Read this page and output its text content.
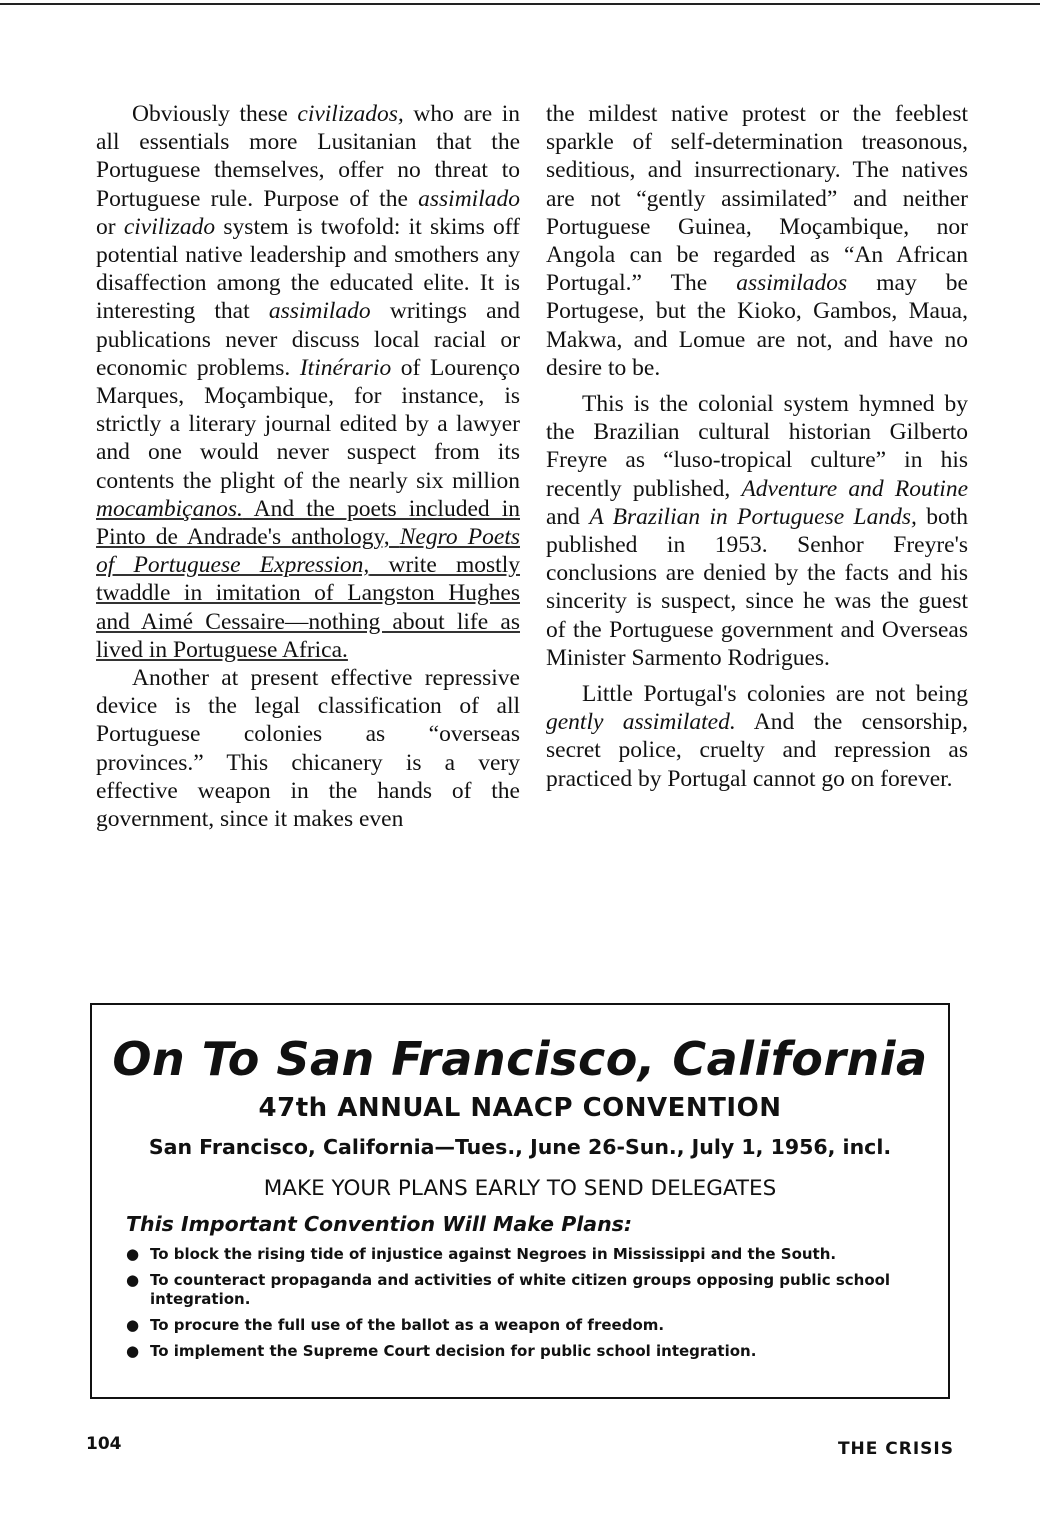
Obviously these civilizados, who are in all essentials more Lusitanian that the Portuguese themselves, offer no threat to Portuguese rule. Purpose of the assimilado or civilizado system is twofold: it skims off potential native leadership and smothers any disaffection among the educated elite. It is interesting that assimilado writings and publications never discuss local racial or economic problems. Itinérario of Lourenço Marques, Moçambique, for instance, is strictly a literary journal edited by a lawyer and one would never suspect from its contents the plight of the nearly six million mocambiçanos. And the poets included in Pinto de Andrade's anthology, Negro Poets of Portuguese Expression, write mostly twaddle in imitation of Langston Hughes and Aimé Cessaire—nothing about life as lived in Portuguese Africa.

Another at present effective repressive device is the legal classification of all Portuguese colonies as “overseas provinces.” This chicanery is a very effective weapon in the hands of the government, since it makes even

the mildest native protest or the feeblest sparkle of self-determination treasonous, seditious, and insurrectionary. The natives are not “gently assimilated” and neither Portuguese Guinea, Moçambique, nor Angola can be regarded as “An African Portugal.” The assimilados may be Portugese, but the Kioko, Gambos, Maua, Makwa, and Lomue are not, and have no desire to be.

This is the colonial system hymned by the Brazilian cultural historian Gilberto Freyre as “luso-tropical culture” in his recently published, Adventure and Routine and A Brazilian in Portuguese Lands, both published in 1953. Senhor Freyre's conclusions are denied by the facts and his sincerity is suspect, since he was the guest of the Portuguese government and Overseas Minister Sarmento Rodrigues.

Little Portugal's colonies are not being gently assimilated. And the censorship, secret police, cruelty and repression as practiced by Portugal cannot go on forever.

On To San Francisco, California
47th ANNUAL NAACP CONVENTION
San Francisco, California—Tues., June 26-Sun., July 1, 1956, incl.
MAKE YOUR PLANS EARLY TO SEND DELEGATES
This Important Convention Will Make Plans:
● To block the rising tide of injustice against Negroes in Mississippi and the South.
● To counteract propaganda and activities of white citizen groups opposing public school integration.
● To procure the full use of the ballot as a weapon of freedom.
● To implement the Supreme Court decision for public school integration.
104	THE CRISIS
